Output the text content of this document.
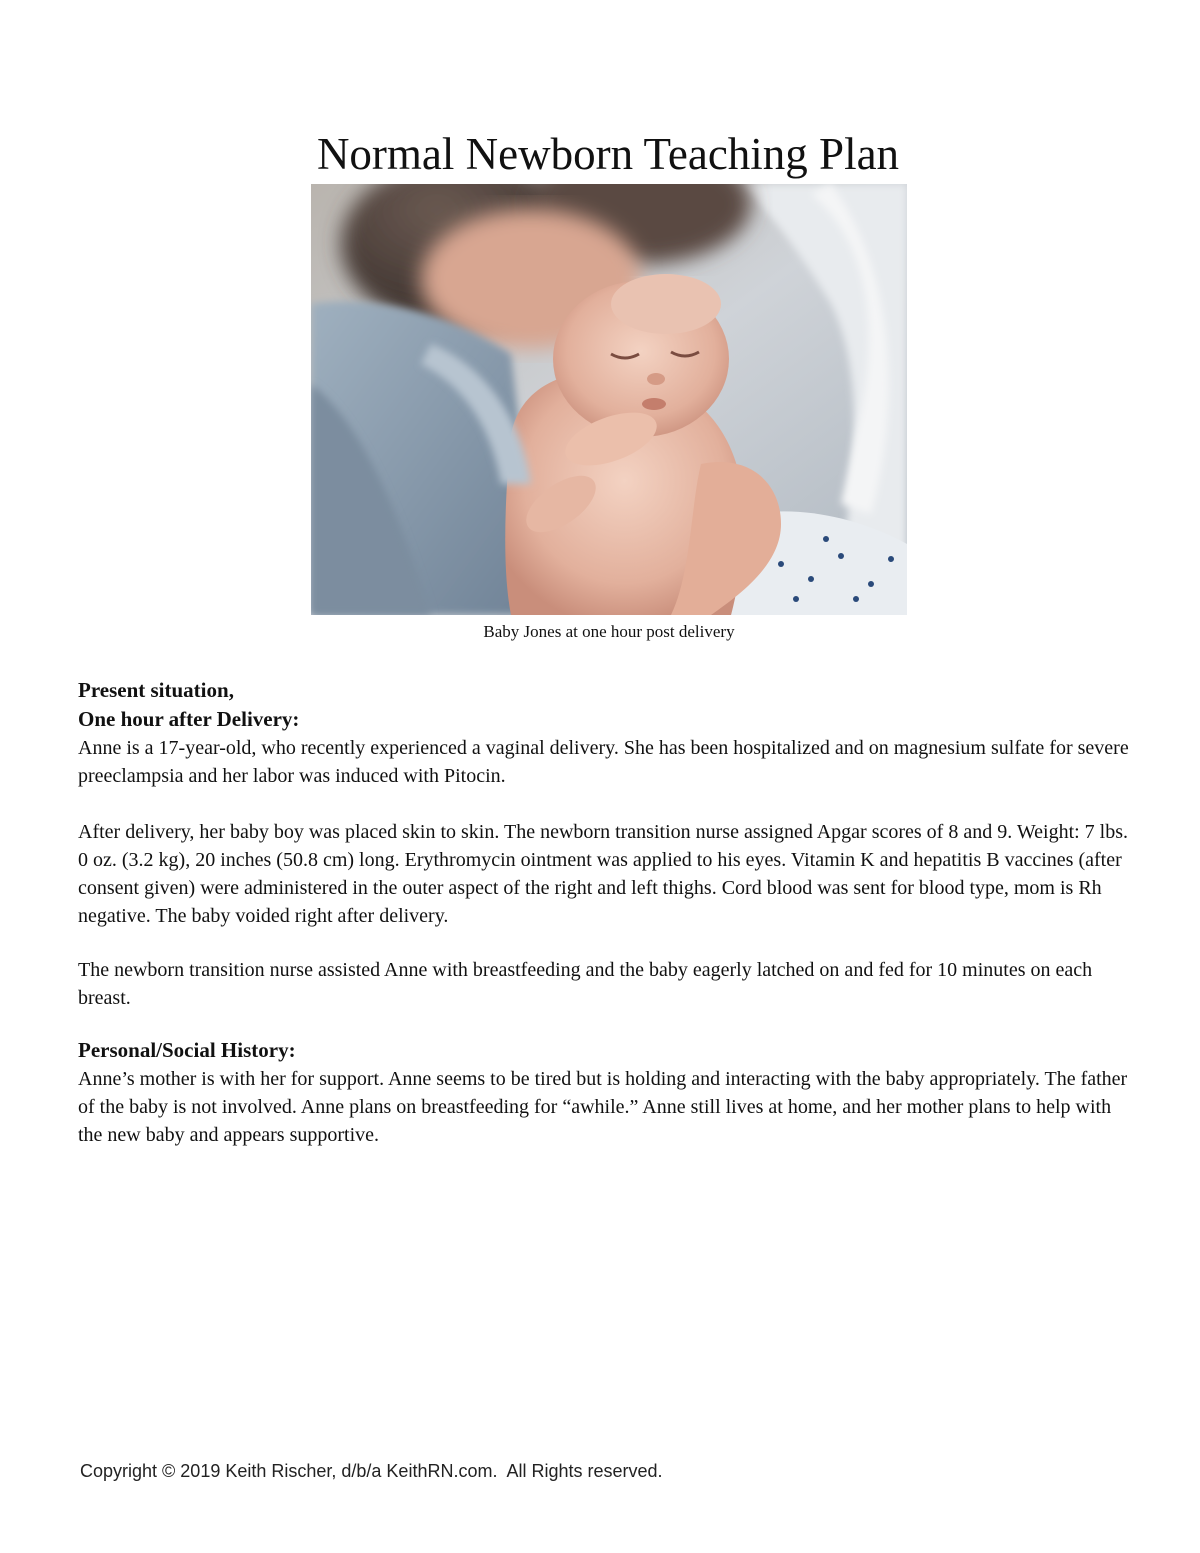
Normal Newborn Teaching Plan
Baby Jones at one hour post delivery

Present situation,

One hour after Delivery:

Anne is a 17-year-old, who recently experienced a vaginal delivery. She has been hospitalized and on magnesium sulfate for severe preeclampsia and her labor was induced with Pitocin.

After delivery, her baby boy was placed skin to skin. The newborn transition nurse assigned Apgar scores of 8 and 9. Weight: 7 lbs. 0 oz. (3.2 kg), 20 inches (50.8 cm) long. Erythromycin ointment was applied to his eyes. Vitamin K and hepatitis B vaccines (after consent given) were administered in the outer aspect of the right and left thighs. Cord blood was sent for blood type, mom is Rh negative. The baby voided right after delivery.

The newborn transition nurse assisted Anne with breastfeeding and the baby eagerly latched on and fed for 10 minutes on each breast.

Personal/Social History:

Anne’s mother is with her for support. Anne seems to be tired but is holding and interacting with the baby appropriately. The father of the baby is not involved. Anne plans on breastfeeding for “awhile.” Anne still lives at home, and her mother plans to help with the new baby and appears supportive.

Copyright © 2019 Keith Rischer, d/b/a KeithRN.com.  All Rights reserved.
